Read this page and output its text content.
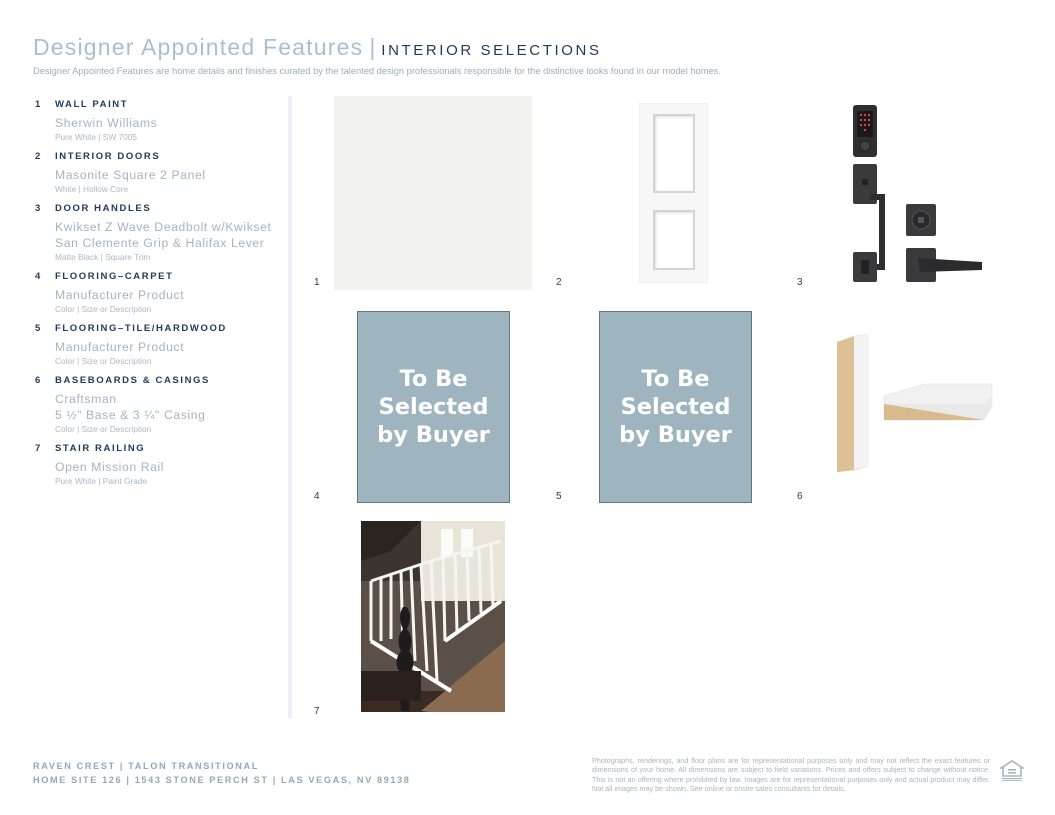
Designer Appointed Features | INTERIOR SELECTIONS
Designer Appointed Features are home details and finishes curated by the talented design professionals responsible for the distinctive looks found in our model homes.
1	WALL PAINT
Sherwin Williams
Pure White | SW 7005
2	INTERIOR DOORS
Masonite Square 2 Panel
White | Hollow Core
3	DOOR HANDLES
Kwikset Z Wave Deadbolt w/Kwikset San Clemente Grip & Halifax Lever
Matte Black | Square Trim
4	FLOORING–CARPET
Manufacturer Product
Color | Size or Description
5	FLOORING–TILE/HARDWOOD
Manufacturer Product
Color | Size or Description
6	BASEBOARDS & CASINGS
Craftsman
5 ½" Base & 3 ¼" Casing
Color | Size or Description
7	STAIR RAILING
Open Mission Rail
Pure White | Paint Grade
1	2	3
To Be
Selected
by Buyer
4
To Be
Selected
by Buyer
5	6
7
RAVEN CREST | TALON TRANSITIONAL
HOME SITE 126 | 1543 STONE PERCH ST | LAS VEGAS, NV 89138
Photographs, renderings, and floor plans are for representational purposes only and may not reflect the exact features or dimensions of your home. All dimensions are subject to field variations. Prices and offers subject to change without notice. This is not an offering where prohibited by law. Images are for representational purposes only and actual product may differ. Not all images may be shown. See online or onsite sales consultants for details.
